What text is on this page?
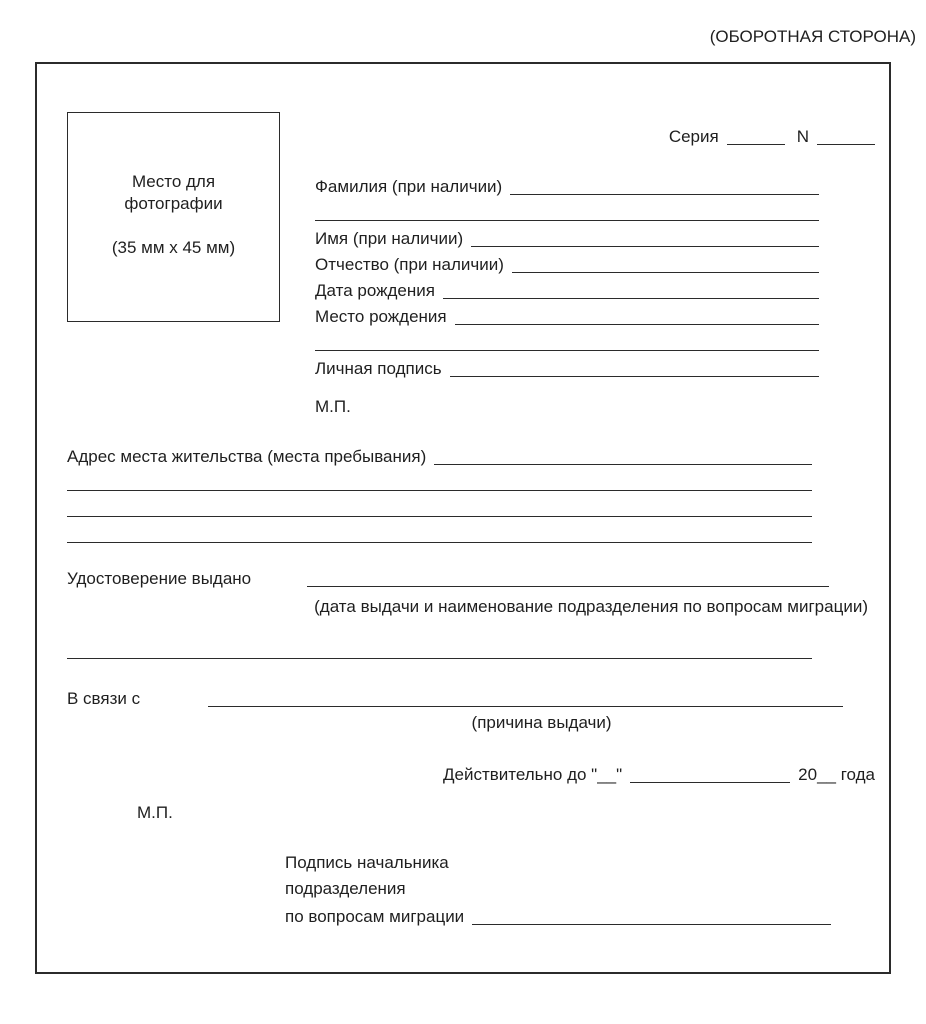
(ОБОРОТНАЯ СТОРОНА)
Место для фотографии
(35 мм x 45 мм)
Серия	N
Фамилия (при наличии)
Имя (при наличии)
Отчество (при наличии)
Дата рождения
Место рождения
Личная подпись
М.П.
Адрес места жительства (места пребывания)
Удостоверение выдано
(дата выдачи и наименование подразделения по вопросам миграции)
В связи с
(причина выдачи)
Действительно до "__"	20__ года
М.П.
Подпись начальника
подразделения
по вопросам миграции
